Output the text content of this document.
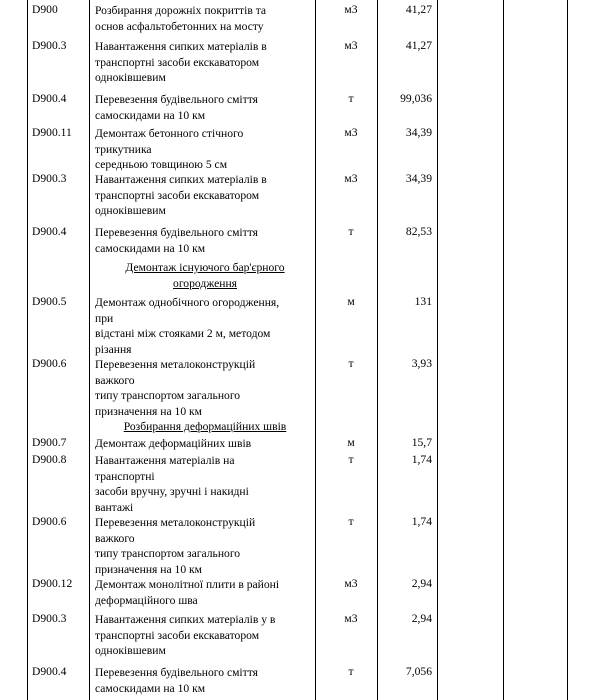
D900	Розбирання дорожніх покриттів та
основ асфальтобетонних на мосту
м3	41,27
D900.3	Навантаження сипких матеріалів в
транспортні засоби екскаватором
одноківшевим
м3	41,27
D900.4	Перевезення будівельного сміття
самоскидами на 10 км
т	99,036
D900.11	Демонтаж бетонного стічного
трикутника
середньою товщиною 5 см
м3	34,39
D900.3	Навантаження сипких матеріалів в
транспортні засоби екскаватором
одноківшевим
м3	34,39
D900.4	Перевезення будівельного сміття
самоскидами на 10 км
т	82,53
D900.5	Демонтаж однобічного огородження,
при
відстані між стояками 2 м, методом
різання
м	131
D900.6	Перевезення металоконструкцій
важкого
типу транспортом загального
призначення на 10 км
т	3,93
D900.7	Демонтаж деформаційних швів	м	15,7
D900.8	Навантаження матеріалів на
транспортні
засоби вручну, зручні і накидні
вантажі
т	1,74
D900.6	Перевезення металоконструкцій
важкого
типу транспортом загального
призначення на 10 км
т	1,74
D900.12	Демонтаж монолітної плити в районі
деформаційного шва
м3	2,94
D900.3	Навантаження сипких матеріалів у в
транспортні засоби екскаватором
одноківшевим
м3	2,94
D900.4	Перевезення будівельного сміття
самоскидами на 10 км
т	7,056
Демонтаж існуючого бар'єрного
огородження
Розбирання деформаційних швів
